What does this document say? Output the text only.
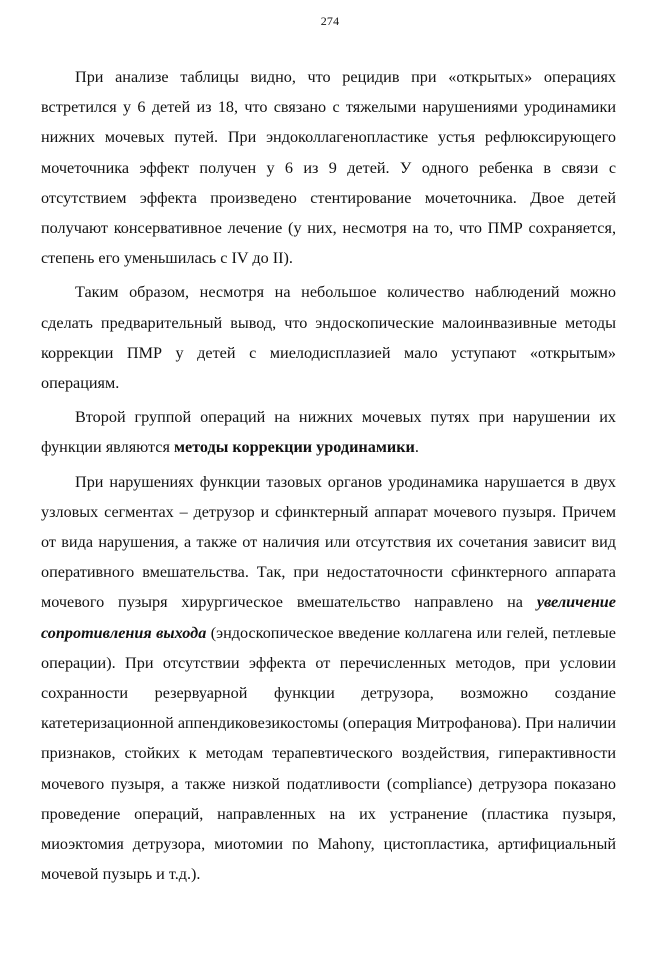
274

При анализе таблицы видно, что рецидив при «открытых» операциях встретился у 6 детей из 18, что связано с тяжелыми нарушениями уродинамики нижних мочевых путей. При эндоколлагенопластике устья рефлюксирующего мочеточника эффект получен у 6 из 9 детей. У одного ребенка в связи с отсутствием эффекта произведено стентирование мочеточника. Двое детей получают консервативное лечение (у них, несмотря на то, что ПМР сохраняется, степень его уменьшилась с IV до II).

Таким образом, несмотря на небольшое количество наблюдений можно сделать предварительный вывод, что эндоскопические малоинвазивные методы коррекции ПМР у детей с миелодисплазией мало уступают «открытым» операциям.

Второй группой операций на нижних мочевых путях при нарушении их функции являются методы коррекции уродинамики.

При нарушениях функции тазовых органов уродинамика нарушается в двух узловых сегментах – детрузор и сфинктерный аппарат мочевого пузыря. Причем от вида нарушения, а также от наличия или отсутствия их сочетания зависит вид оперативного вмешательства. Так, при недостаточности сфинктерного аппарата мочевого пузыря хирургическое вмешательство направлено на увеличение сопротивления выхода (эндоскопическое введение коллагена или гелей, петлевые операции). При отсутствии эффекта от перечисленных методов, при условии сохранности резервуарной функции детрузора, возможно создание катетеризационной аппендиковезикостомы (операция Митрофанова). При наличии признаков, стойких к методам терапевтического воздействия, гиперактивности мочевого пузыря, а также низкой податливости (compliance) детрузора показано проведение операций, направленных на их устранение (пластика пузыря, миоэктомия детрузора, миотомии по Mahony, цистопластика, артифициальный мочевой пузырь и т.д.).
